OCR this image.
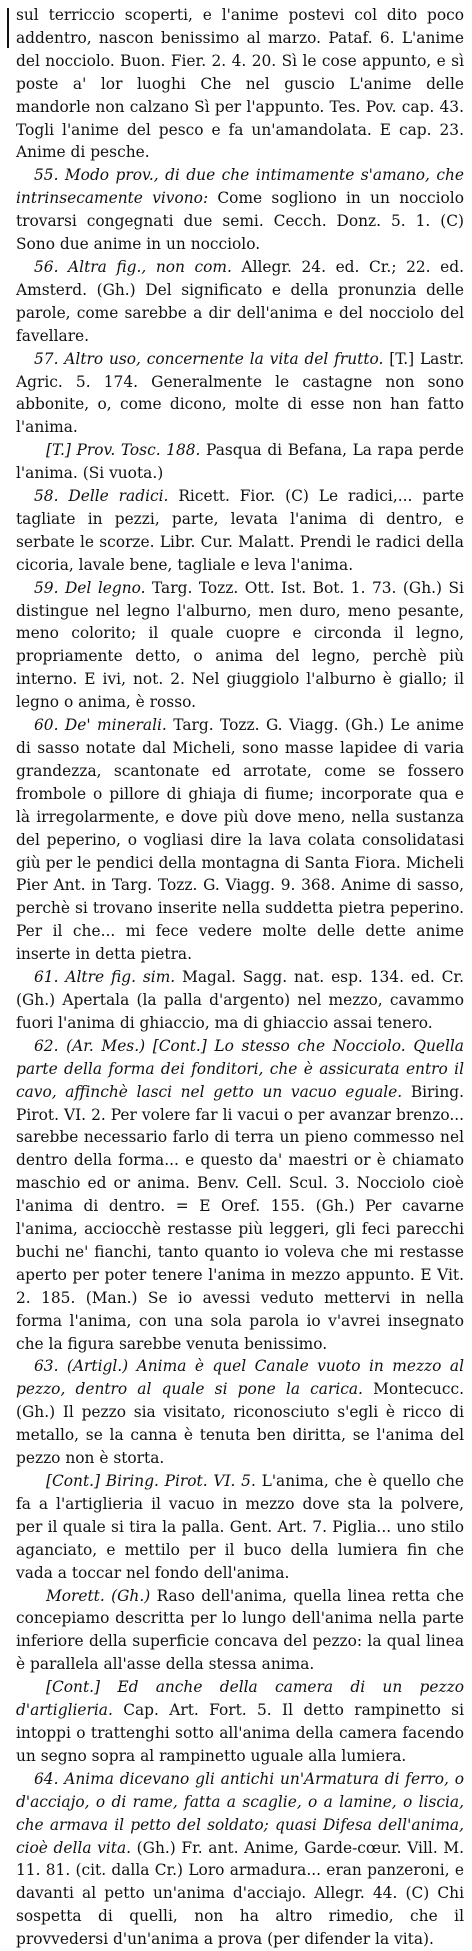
sul terriccio scoperti, e l'anime postevi col dito poco addentro, nascon benissimo al marzo. Pataf. 6. L'anime del nocciolo. Buon. Fier. 2. 4. 20. Sì le cose appunto, e sì poste a' lor luoghi Che nel guscio L'anime delle mandorle non calzano Sì per l'appunto. Tes. Pov. cap. 43. Togli l'anime del pesco e fa un'amandolata. E cap. 23. Anime di pesche.

55. Modo prov., di due che intimamente s'amano, che intrinsecamente vivono: Come sogliono in un nocciolo trovarsi congegnati due semi. Cecch. Donz. 5. 1. (C) Sono due anime in un nocciolo.

56. Altra fig., non com. Allegr. 24. ed. Cr.; 22. ed. Amsterd. (Gh.) Del significato e della pronunzia delle parole, come sarebbe a dir dell'anima e del nocciolo del favellare.

57. Altro uso, concernente la vita del frutto. [T.] Lastr. Agric. 5. 174. Generalmente le castagne non sono abbonite, o, come dicono, molte di esse non han fatto l'anima.

[T.] Prov. Tosc. 188. Pasqua di Befana, La rapa perde l'anima. (Si vuota.)

58. Delle radici. Ricett. Fior. (C) Le radici,... parte tagliate in pezzi, parte, levata l'anima di dentro, e serbate le scorze. Libr. Cur. Malatt. Prendi le radici della cicoria, lavale bene, tagliale e leva l'anima.

59. Del legno. Targ. Tozz. Ott. Ist. Bot. 1. 73. (Gh.) Si distingue nel legno l'alburno, men duro, meno pesante, meno colorito; il quale cuopre e circonda il legno, propriamente detto, o anima del legno, perchè più interno. E ivi, not. 2. Nel giuggiolo l'alburno è giallo; il legno o anima, è rosso.

60. De' minerali. Targ. Tozz. G. Viagg. (Gh.) Le anime di sasso notate dal Micheli, sono masse lapidee di varia grandezza, scantonate ed arrotate, come se fossero frombole o pillore di ghiaja di fiume; incorporate qua e là irregolarmente, e dove più dove meno, nella sustanza del peperino, o vogliasi dire la lava colata consolidatasi giù per le pendici della montagna di Santa Fiora. Micheli Pier Ant. in Targ. Tozz. G. Viagg. 9. 368. Anime di sasso, perchè si trovano inserite nella suddetta pietra peperino. Per il che... mi fece vedere molte delle dette anime inserte in detta pietra.

61. Altre fig. sim. Magal. Sagg. nat. esp. 134. ed. Cr. (Gh.) Apertala (la palla d'argento) nel mezzo, cavammo fuori l'anima di ghiaccio, ma di ghiaccio assai tenero.

62. (Ar. Mes.) [Cont.] Lo stesso che Nocciolo. Quella parte della forma dei fonditori, che è assicurata entro il cavo, affinchè lasci nel getto un vacuo eguale. Biring. Pirot. VI. 2. Per volere far li vacui o per avanzar brenzo... sarebbe necessario farlo di terra un pieno commesso nel dentro della forma... e questo da' maestri or è chiamato maschio ed or anima. Benv. Cell. Scul. 3. Nocciolo cioè l'anima di dentro. = E Oref. 155. (Gh.) Per cavarne l'anima, acciocchè restasse più leggeri, gli feci parecchi buchi ne' fianchi, tanto quanto io voleva che mi restasse aperto per poter tenere l'anima in mezzo appunto. E Vit. 2. 185. (Man.) Se io avessi veduto mettervi in nella forma l'anima, con una sola parola io v'avrei insegnato che la figura sarebbe venuta benissimo.

63. (Artigl.) Anima è quel Canale vuoto in mezzo al pezzo, dentro al quale si pone la carica. Montecucc. (Gh.) Il pezzo sia visitato, riconosciuto s'egli è ricco di metallo, se la canna è tenuta ben diritta, se l'anima del pezzo non è storta.

[Cont.] Biring. Pirot. VI. 5. L'anima, che è quello che fa a l'artiglieria il vacuo in mezzo dove sta la polvere, per il quale si tira la palla. Gent. Art. 7. Piglia... uno stilo aganciato, e mettilo per il buco della lumiera fin che vada a toccar nel fondo dell'anima.

Morett. (Gh.) Raso dell'anima, quella linea retta che concepiamo descritta per lo lungo dell'anima nella parte inferiore della superficie concava del pezzo: la qual linea è parallela all'asse della stessa anima.

[Cont.] Ed anche della camera di un pezzo d'artiglieria. Cap. Art. Fort. 5. Il detto rampinetto si intoppi o trattenghi sotto all'anima della camera facendo un segno sopra al rampinetto uguale alla lumiera.

64. Anima dicevano gli antichi un'Armatura di ferro, o d'acciajo, o di rame, fatta a scaglie, o a lamine, o liscia, che armava il petto del soldato; quasi Difesa dell'anima, cioè della vita. (Gh.) Fr. ant. Anime, Garde-cœur. Vill. M. 11. 81. (cit. dalla Cr.) Loro armadura... eran panzeroni, e davanti al petto un'anima d'acciajo. Allegr. 44. (C) Chi sospetta di quelli, non ha altro rimedio, che il provvedersi d'un'anima a prova (per difender la vita).
